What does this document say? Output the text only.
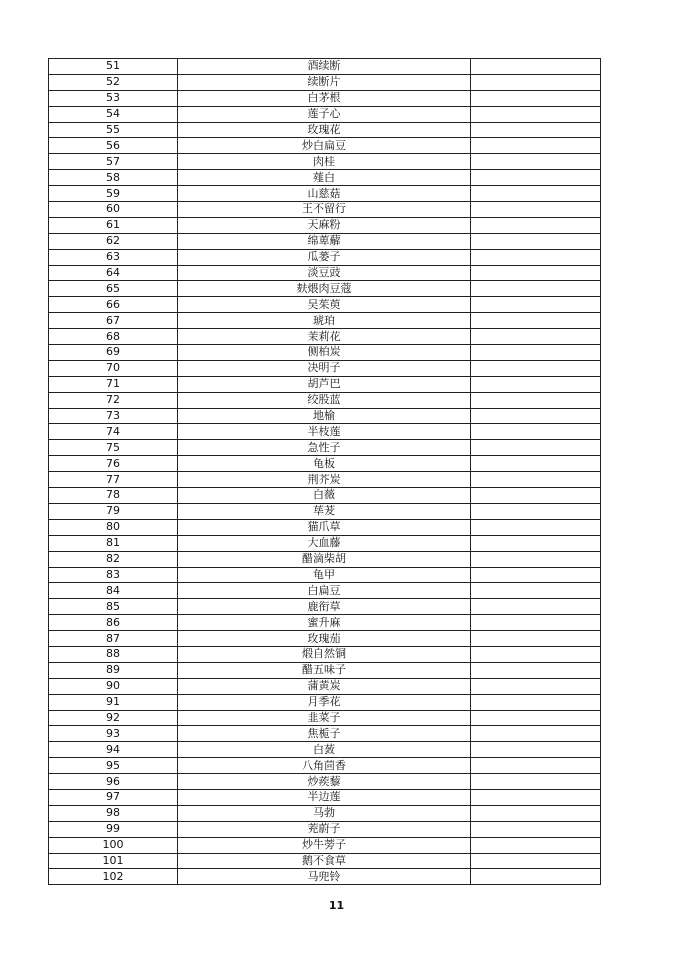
51	酒续断	
52	续断片	
53	白茅根	
54	莲子心	
55	玫瑰花	
56	炒白扁豆	
57	肉桂	
58	薤白	
59	山慈菇	
60	王不留行	
61	天麻粉	
62	绵萆薢	
63	瓜蒌子	
64	淡豆豉	
65	麸煨肉豆蔻	
66	吴茱萸	
67	琥珀	
68	茉莉花	
69	侧柏炭	
70	决明子	
71	胡芦巴	
72	绞股蓝	
73	地榆	
74	半枝莲	
75	急性子	
76	龟板	
77	荆芥炭	
78	白薇	
79	荜茇	
80	猫爪草	
81	大血藤	
82	醋滴柴胡	
83	龟甲	
84	白扁豆	
85	鹿衔草	
86	蜜升麻	
87	玫瑰茄	
88	煅自然铜	
89	醋五味子	
90	蒲黄炭	
91	月季花	
92	韭菜子	
93	焦栀子	
94	白蔹	
95	八角茴香	
96	炒蒺藜	
97	半边莲	
98	马勃	
99	茺蔚子	
100	炒牛蒡子	
101	鹅不食草	
102	马兜铃	
11
